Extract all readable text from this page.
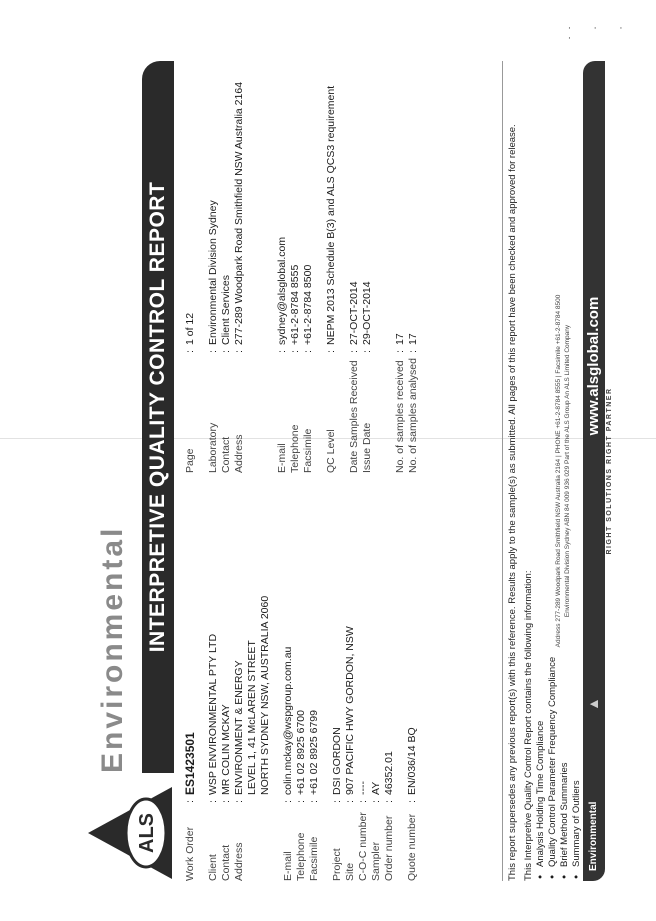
· · · ·
ALS
Environmental INTERPRETIVE QUALITY CONTROL REPORT
Work Order
:
ES1423501
Client
:
WSP ENVIRONMENTAL PTY LTD
Contact
:
MR COLIN MCKAY
Address
:
ENVIRONMENT & ENERGY LEVEL 1, 41 McLAREN STREET NORTH SYDNEY NSW, AUSTRALIA 2060
E-mail
:
colin.mckay@wspgroup.com.au
Telephone
:
+61 02 8925 6700
Facsimile
:
+61 02 8925 6799
Project
:
DSI GORDON
Site
:
907 PACIFIC HWY GORDON, NSW
C-O-C number
:
----
Sampler
:
AY
Order number
:
46352.01
Quote number
:
EN/036/14 BQ
Page
:
1 of 12
Laboratory
:
Environmental Division Sydney
Contact
:
Client Services
Address
:
277-289 Woodpark Road Smithfield NSW Australia 2164
E-mail
:
sydney@alsglobal.com
Telephone
:
+61-2-8784 8555
Facsimile
:
+61-2-8784 8500
QC Level
:
NEPM 2013 Schedule B(3) and ALS QCS3 requirement
Date Samples Received
:
27-OCT-2014
Issue Date
:
29-OCT-2014
No. of samples received
:
17
No. of samples analysed
:
17	This report supersedes any previous report(s) with this reference. Results apply to the sample(s) as submitted. All pages of this report have been checked and approved for release. This Interpretive Quality Control Report contains the following information: ● Analysis Holding Time Compliance ● Quality Control Parameter Frequency Compliance ● Brief Method Summaries ● Summary of Outliers
Address 277-289 Woodpark Road Smithfield NSW Australia 2164 | PHONE +61-2-8784 8555 | Facsimile +61-2-8784 8500 Environmental Division Sydney ABN 84 009 936 029 Part of the ALS Group An ALS Limited Company
Environmental
▲
www.alsglobal.com
RIGHT SOLUTIONS RIGHT PARTNER
